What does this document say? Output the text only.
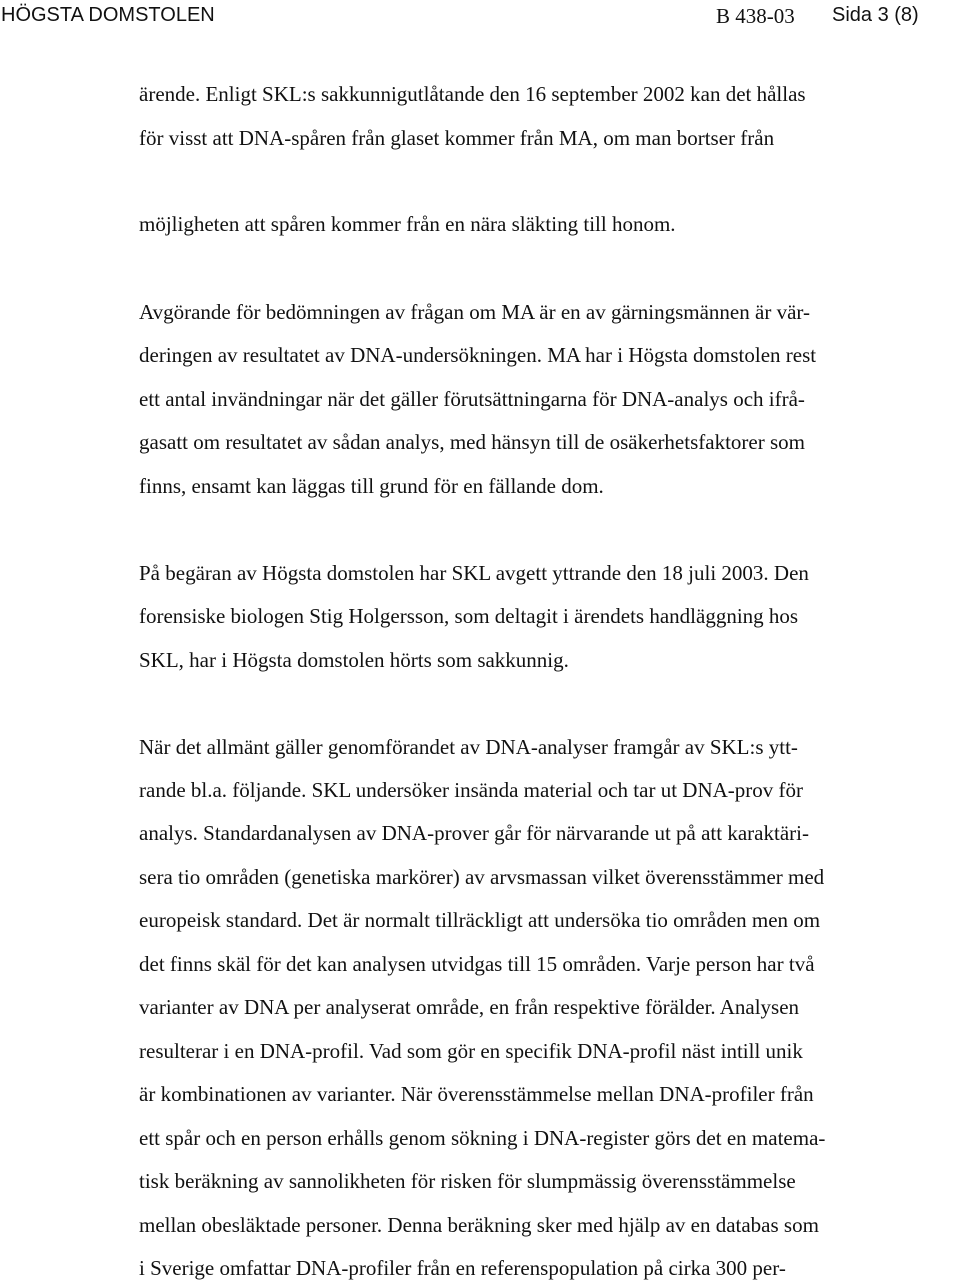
HÖGSTA DOMSTOLEN	B 438-03 Sida 3 (8)
ärende. Enligt SKL:s sakkunnigutlåtande den 16 september 2002 kan det hållas
för visst att DNA-spåren från glaset kommer från MA, om man bortser från
möjligheten att spåren kommer från en nära släkting till honom.
Avgörande för bedömningen av frågan om MA är en av gärningsmännen är vär-
deringen av resultatet av DNA-undersökningen. MA har i Högsta domstolen rest
ett antal invändningar när det gäller förutsättningarna för DNA-analys och ifrå-
gasatt om resultatet av sådan analys, med hänsyn till de osäkerhetsfaktorer som
finns, ensamt kan läggas till grund för en fällande dom.
På begäran av Högsta domstolen har SKL avgett yttrande den 18 juli 2003. Den
forensiske biologen Stig Holgersson, som deltagit i ärendets handläggning hos
SKL, har i Högsta domstolen hörts som sakkunnig.
När det allmänt gäller genomförandet av DNA-analyser framgår av SKL:s ytt-
rande bl.a. följande. SKL undersöker insända material och tar ut DNA-prov för
analys. Standardanalysen av DNA-prover går för närvarande ut på att karaktäri-
sera tio områden (genetiska markörer) av arvsmassan vilket överensstämmer med
europeisk standard. Det är normalt tillräckligt att undersöka tio områden men om
det finns skäl för det kan analysen utvidgas till 15 områden. Varje person har två
varianter av DNA per analyserat område, en från respektive förälder. Analysen
resulterar i en DNA-profil. Vad som gör en specifik DNA-profil näst intill unik
är kombinationen av varianter. När överensstämmelse mellan DNA-profiler från
ett spår och en person erhålls genom sökning i DNA-register görs det en matema-
tisk beräkning av sannolikheten för risken för slumpmässig överensstämmelse
mellan obesläktade personer. Denna beräkning sker med hjälp av en databas som
i Sverige omfattar DNA-profiler från en referenspopulation på cirka 300 per-
